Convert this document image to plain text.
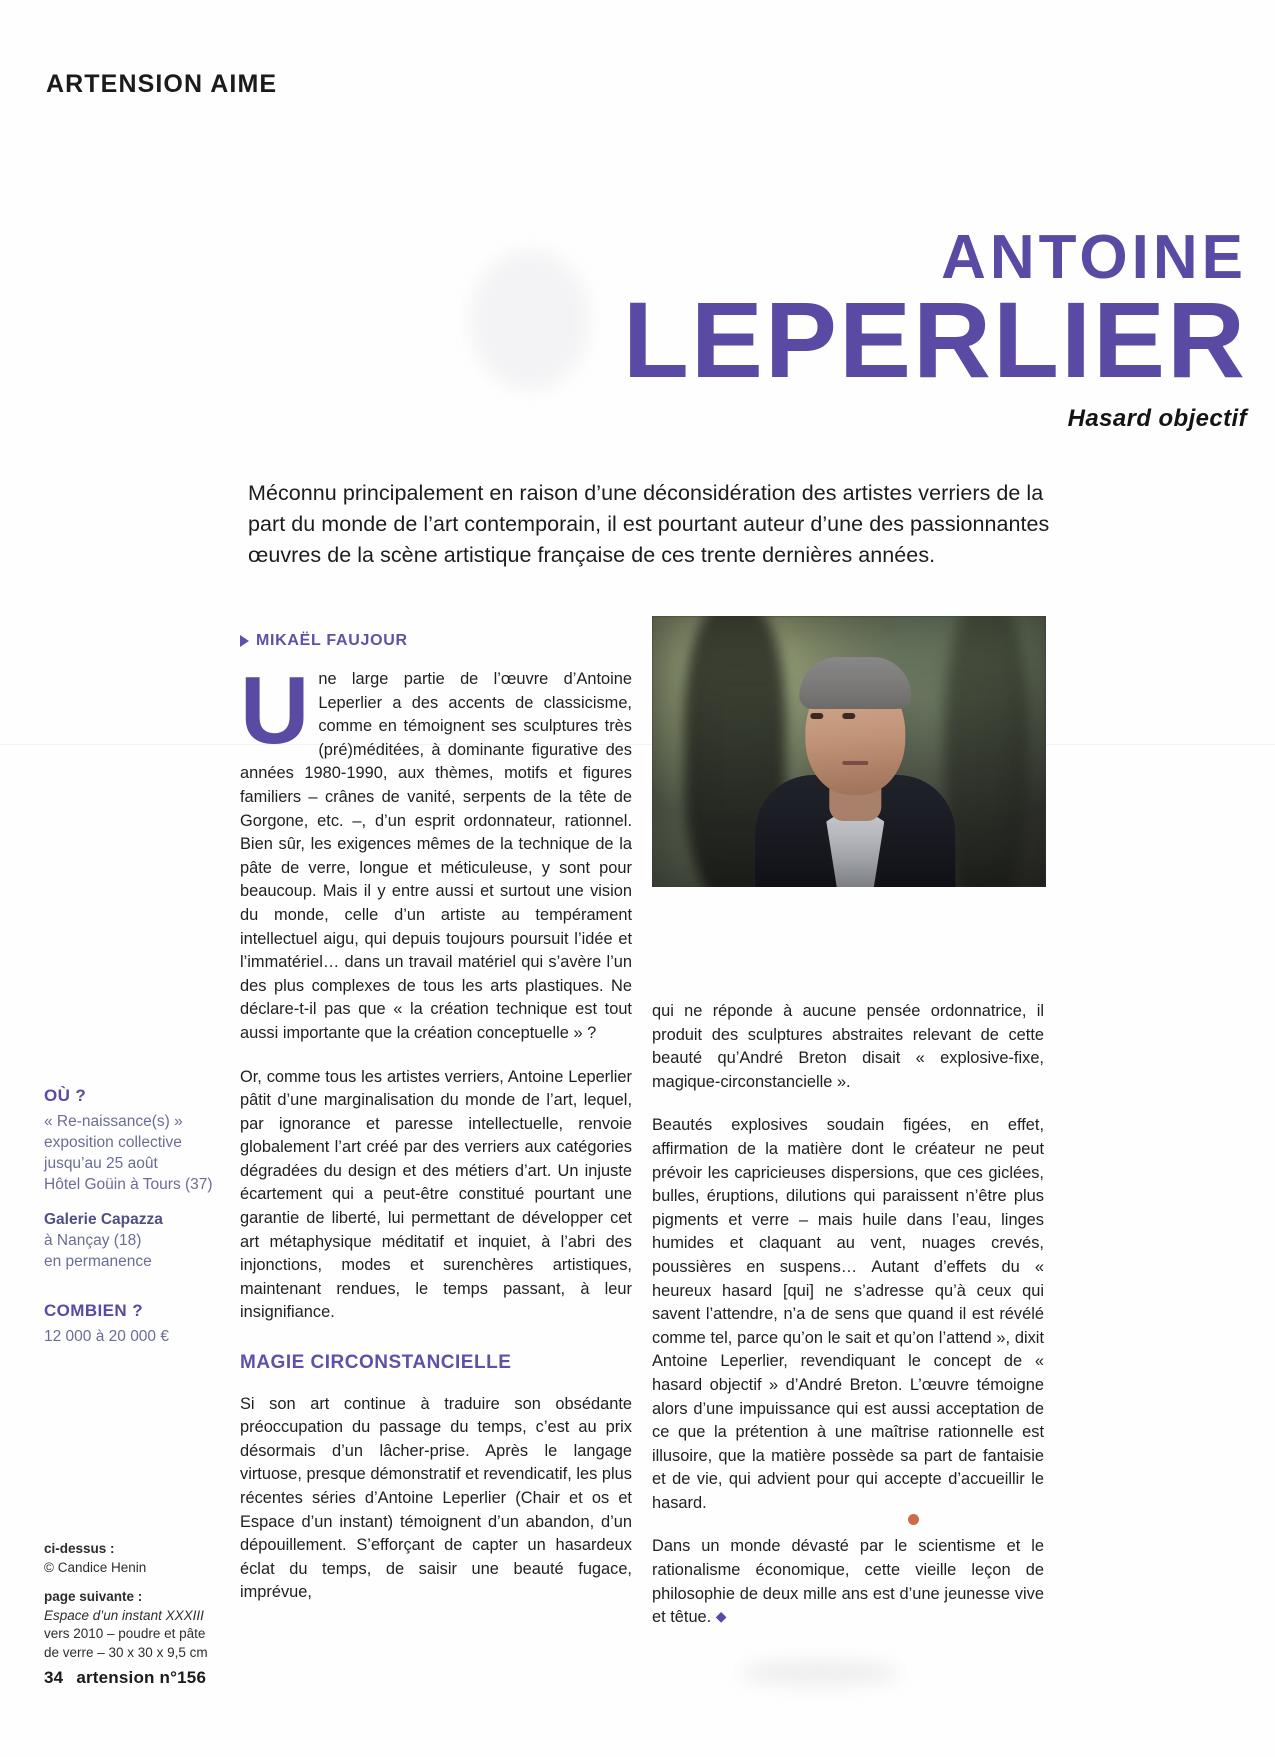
ARTENSION AIME
ANTOINE
LEPERLIER
Hasard objectif
Méconnu principalement en raison d’une déconsidération des artistes verriers de la part du monde de l’art contemporain, il est pourtant auteur d’une des passionnantes œuvres de la scène artistique française de ces trente dernières années.
MIKAËL FAUJOUR
OÙ ?
« Re-naissance(s) »
exposition collective
jusqu’au 25 août
Hôtel Goüin à Tours (37)
Galerie Capazza
à Nançay (18)
en permanence
COMBIEN ?
12 000 à 20 000 €
ci-dessus :
© Candice Henin
page suivante :
Espace d’un instant XXXIII
vers 2010 – poudre et pâte
de verre – 30 x 30 x 9,5 cm
34 artension n°156

Une large partie de l’œuvre d’Antoine Leperlier a des accents de classicisme, comme en témoignent ses sculptures très (pré)méditées, à dominante figurative des années 1980-1990, aux thèmes, motifs et figures familiers – crânes de vanité, serpents de la tête de Gorgone, etc. –, d’un esprit ordonnateur, rationnel. Bien sûr, les exigences mêmes de la technique de la pâte de verre, longue et méticuleuse, y sont pour beaucoup. Mais il y entre aussi et surtout une vision du monde, celle d’un artiste au tempérament intellectuel aigu, qui depuis toujours poursuit l’idée et l’immatériel… dans un travail matériel qui s’avère l’un des plus complexes de tous les arts plastiques. Ne déclare-t-il pas que « la création technique est tout aussi importante que la création conceptuelle » ?

Or, comme tous les artistes verriers, Antoine Leperlier pâtit d’une marginalisation du monde de l’art, lequel, par ignorance et paresse intellectuelle, renvoie globalement l’art créé par des verriers aux catégories dégradées du design et des métiers d’art. Un injuste écartement qui a peut-être constitué pourtant une garantie de liberté, lui permettant de développer cet art métaphysique méditatif et inquiet, à l’abri des injonctions, modes et surenchères artistiques, maintenant rendues, le temps passant, à leur insignifiance.

MAGIE CIRCONSTANCIELLE

Si son art continue à traduire son obsédante préoccupation du passage du temps, c’est au prix désormais d’un lâcher-prise. Après le langage virtuose, presque démonstratif et revendicatif, les plus récentes séries d’Antoine Leperlier (Chair et os et Espace d’un instant) témoignent d’un abandon, d’un dépouillement. S’efforçant de capter un hasardeux éclat du temps, de saisir une beauté fugace, imprévue,

qui ne réponde à aucune pensée ordonnatrice, il produit des sculptures abstraites relevant de cette beauté qu’André Breton disait « explosive-fixe, magique-circonstancielle ».

Beautés explosives soudain figées, en effet, affirmation de la matière dont le créateur ne peut prévoir les capricieuses dispersions, que ces giclées, bulles, éruptions, dilutions qui paraissent n’être plus pigments et verre – mais huile dans l’eau, linges humides et claquant au vent, nuages crevés, poussières en suspens… Autant d’effets du « heureux hasard [qui] ne s’adresse qu’à ceux qui savent l’attendre, n’a de sens que quand il est révélé comme tel, parce qu’on le sait et qu’on l’attend », dixit Antoine Leperlier, revendiquant le concept de « hasard objectif » d’André Breton. L’œuvre témoigne alors d’une impuissance qui est aussi acceptation de ce que la prétention à une maîtrise rationnelle est illusoire, que la matière possède sa part de fantaisie et de vie, qui advient pour qui accepte d’accueillir le hasard.

Dans un monde dévasté par le scientisme et le rationalisme économique, cette vieille leçon de philosophie de deux mille ans est d’une jeunesse vive et têtue. ◆
